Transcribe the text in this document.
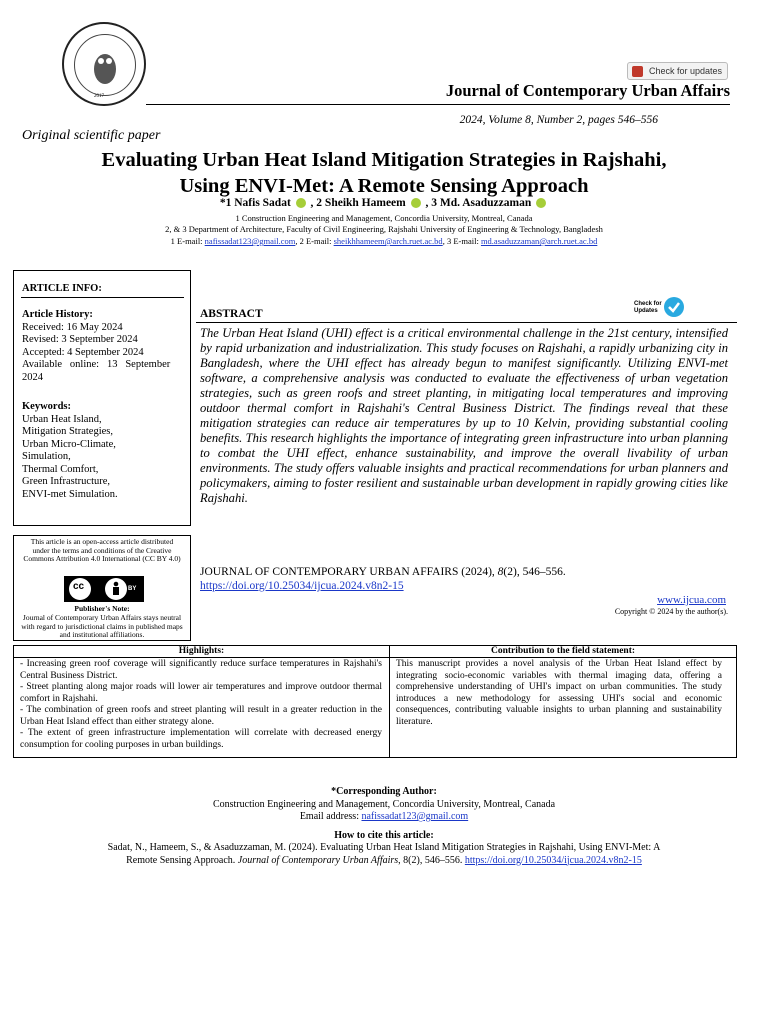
2017
Check for updates
Journal of Contemporary Urban Affairs
2024, Volume 8, Number 2, pages 546–556
Original scientific paper
Evaluating Urban Heat Island Mitigation Strategies in Rajshahi,
Using ENVI-Met: A Remote Sensing Approach
*1 Nafis Sadat , 2 Sheikh Hameem , 3 Md. Asaduzzaman
1 Construction Engineering and Management, Concordia University, Montreal, Canada
2, & 3 Department of Architecture, Faculty of Civil Engineering, Rajshahi University of Engineering & Technology, Bangladesh
1 E-mail: nafissadat123@gmail.com, 2 E-mail: sheikhhameem@arch.ruet.ac.bd, 3 E-mail: md.asaduzzaman@arch.ruet.ac.bd
ARTICLE INFO:
Article History:
Received: 16 May 2024
Revised: 3 September 2024
Accepted: 4 September 2024
Available   online:   13   September
2024
Keywords:
Urban Heat Island,
Mitigation Strategies,
Urban Micro-Climate,
Simulation,
Thermal Comfort,
Green Infrastructure,
ENVI-met Simulation.
Check for Updates
ABSTRACT
The Urban Heat Island (UHI) effect is a critical environmental challenge in the 21st century, intensified by rapid urbanization and industrialization. This study focuses on Rajshahi, a rapidly urbanizing city in Bangladesh, where the UHI effect has already begun to manifest significantly. Utilizing ENVI-met software, a comprehensive analysis was conducted to evaluate the effectiveness of urban vegetation strategies, such as green roofs and street planting, in mitigating local temperatures and improving outdoor thermal comfort in Rajshahi's Central Business District. The findings reveal that these mitigation strategies can reduce air temperatures by up to 10 Kelvin, providing substantial cooling benefits. This research highlights the importance of integrating green infrastructure into urban planning to combat the UHI effect, enhance sustainability, and improve the overall livability of urban environments. The study offers valuable insights and practical recommendations for urban planners and policymakers, aiming to foster resilient and sustainable urban development in rapidly growing cities like Rajshahi.
This article is an open-access article distributed under the terms and conditions of the Creative Commons Attribution 4.0 International (CC BY 4.0)
cc	BY
Publisher's Note:
Journal of Contemporary Urban Affairs stays neutral with regard to jurisdictional claims in published maps and institutional affiliations.
JOURNAL OF CONTEMPORARY URBAN AFFAIRS (2024), 8(2), 546–556.
https://doi.org/10.25034/ijcua.2024.v8n2-15
www.ijcua.com
Copyright © 2024 by the author(s).
Highlights:	Contribution to the field statement:
- Increasing green roof coverage will significantly reduce surface temperatures in Rajshahi's Central Business District.
- Street planting along major roads will lower air temperatures and improve outdoor thermal comfort in Rajshahi.
- The combination of green roofs and street planting will result in a greater reduction in the Urban Heat Island effect than either strategy alone.
- The extent of green infrastructure implementation will correlate with decreased energy consumption for cooling purposes in urban buildings.
This manuscript provides a novel analysis of the Urban Heat Island effect by integrating socio-economic variables with thermal imaging data, offering a comprehensive understanding of UHI's impact on urban communities. The study introduces a new methodology for assessing UHI's social and economic consequences, contributing valuable insights to urban planning and sustainability literature.
*Corresponding Author:
Construction Engineering and Management, Concordia University, Montreal, Canada
Email address: nafissadat123@gmail.com
How to cite this article:
Sadat, N., Hameem, S., & Asaduzzaman, M. (2024). Evaluating Urban Heat Island Mitigation Strategies in Rajshahi, Using ENVI-Met: A
Remote Sensing Approach. Journal of Contemporary Urban Affairs, 8(2), 546–556. https://doi.org/10.25034/ijcua.2024.v8n2-15
